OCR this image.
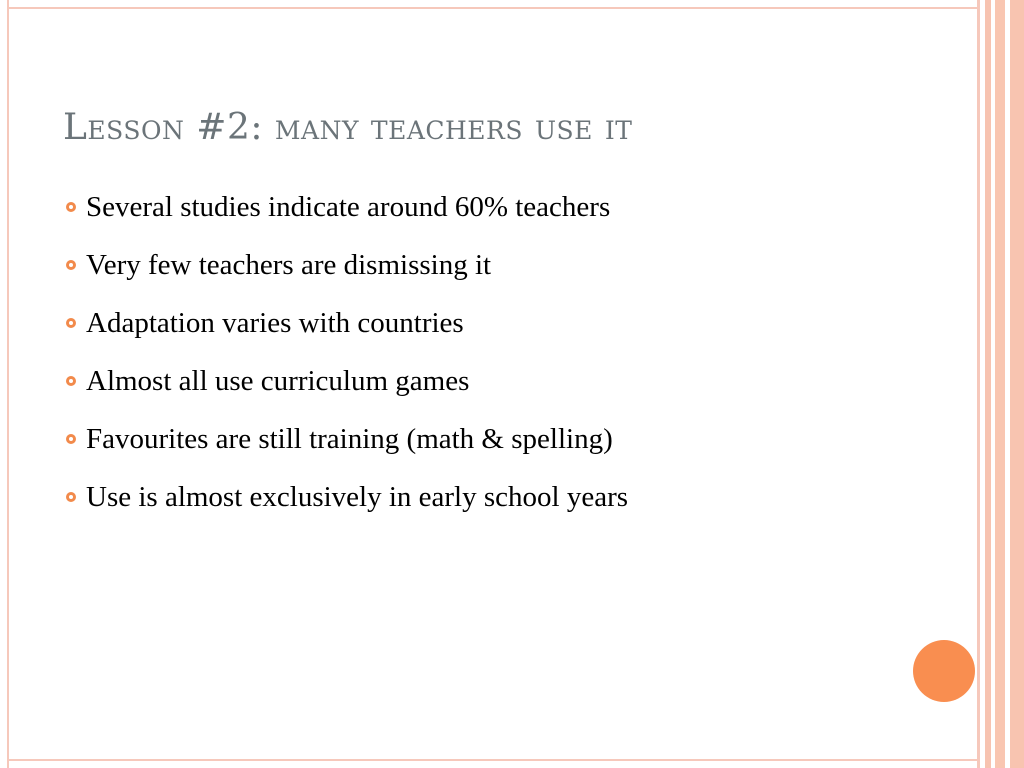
Lesson #2: many teachers use it
Several studies indicate around 60% teachers
Very few teachers are dismissing it
Adaptation varies with countries
Almost all use curriculum games
Favourites are still training (math & spelling)
Use is almost exclusively in early school years
